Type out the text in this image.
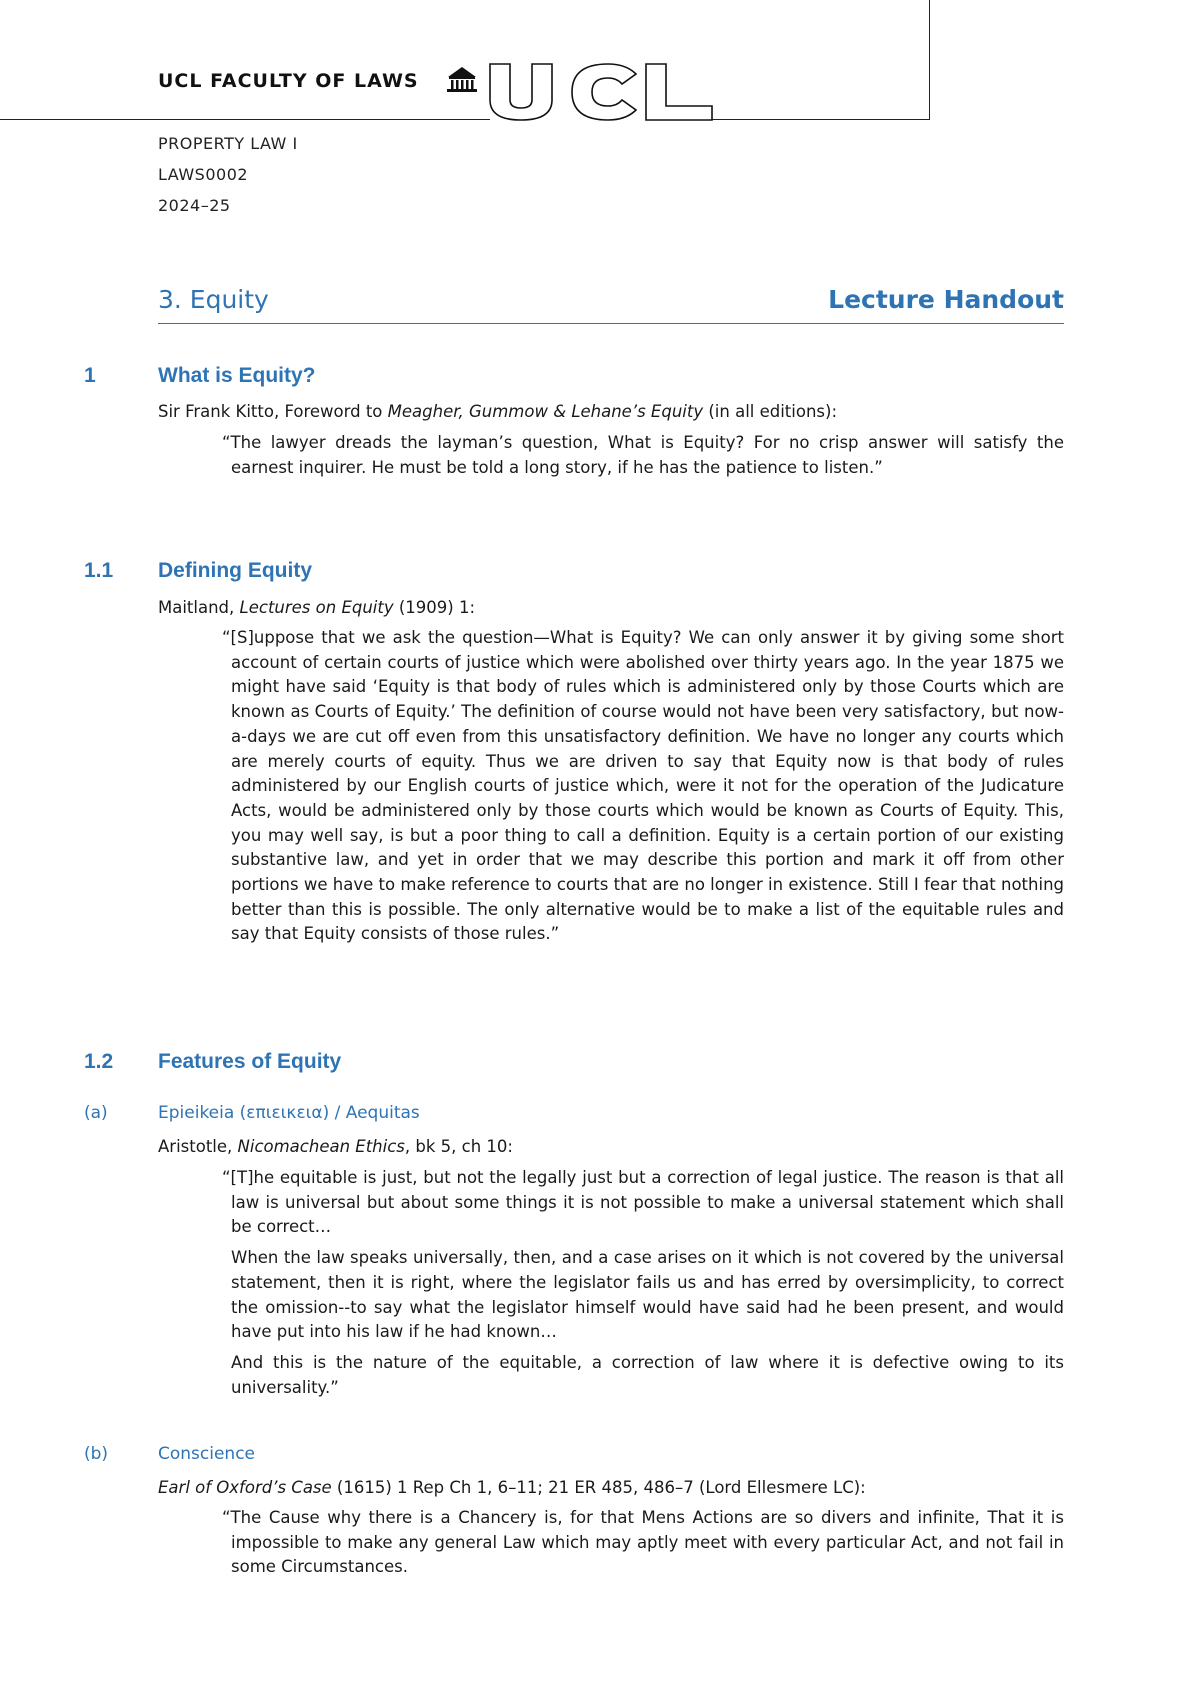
UCL FACULTY OF LAWS
PROPERTY LAW I
LAWS0002
2024–25
3. Equity	Lecture Handout
1	What is Equity?
Sir Frank Kitto, Foreword to Meagher, Gummow & Lehane’s Equity (in all editions):

“The lawyer dreads the layman’s question, What is Equity? For no crisp answer will satisfy the earnest inquirer. He must be told a long story, if he has the patience to listen.”

1.1 Defining Equity
Maitland, Lectures on Equity (1909) 1:

“[S]uppose that we ask the question—What is Equity? We can only answer it by giving some short account of certain courts of justice which were abolished over thirty years ago. In the year 1875 we might have said ‘Equity is that body of rules which is administered only by those Courts which are known as Courts of Equity.’ The definition of course would not have been very satisfactory, but now-a-days we are cut off even from this unsatisfactory definition. We have no longer any courts which are merely courts of equity. Thus we are driven to say that Equity now is that body of rules administered by our English courts of justice which, were it not for the operation of the Judicature Acts, would be administered only by those courts which would be known as Courts of Equity. This, you may well say, is but a poor thing to call a definition. Equity is a certain portion of our existing substantive law, and yet in order that we may describe this portion and mark it off from other portions we have to make reference to courts that are no longer in existence. Still I fear that nothing better than this is possible. The only alternative would be to make a list of the equitable rules and say that Equity consists of those rules.”

1.2 Features of Equity
(a)	Epieikeia (επιεικεια) / Aequitas
Aristotle, Nicomachean Ethics, bk 5, ch 10:

“[T]he equitable is just, but not the legally just but a correction of legal justice. The reason is that all law is universal but about some things it is not possible to make a universal statement which shall be correct…

When the law speaks universally, then, and a case arises on it which is not covered by the universal statement, then it is right, where the legislator fails us and has erred by oversimplicity, to correct the omission--to say what the legislator himself would have said had he been present, and would have put into his law if he had known…

And this is the nature of the equitable, a correction of law where it is defective owing to its universality.”

(b)	Conscience
Earl of Oxford’s Case (1615) 1 Rep Ch 1, 6–11; 21 ER 485, 486–7 (Lord Ellesmere LC):

“The Cause why there is a Chancery is, for that Mens Actions are so divers and infinite, That it is impossible to make any general Law which may aptly meet with every particular Act, and not fail in some Circumstances.
